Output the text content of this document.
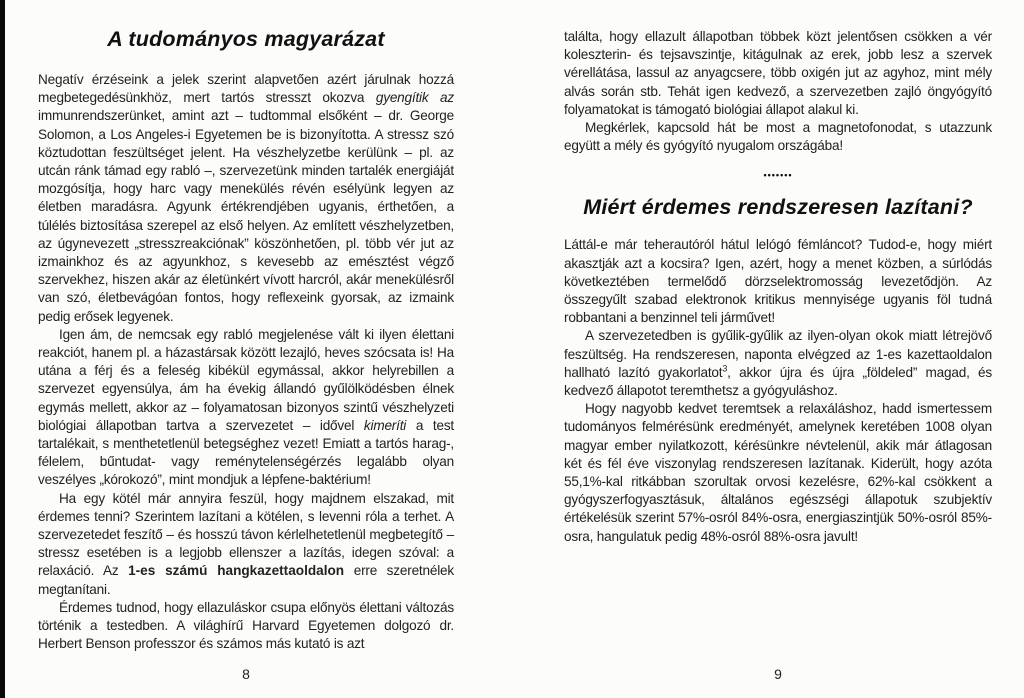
A tudományos magyarázat

Negatív érzéseink a jelek szerint alapvetően azért járulnak hozzá megbetegedésünkhöz, mert tartós stresszt okozva gyengítik az immunrendszerünket, amint azt – tudtommal elsőként – dr. George Solomon, a Los Angeles-i Egyetemen be is bizonyította. A stressz szó köztudottan feszültséget jelent. Ha vészhelyzetbe kerülünk – pl. az utcán ránk támad egy rabló –, szervezetünk minden tartalék energiáját mozgósítja, hogy harc vagy menekülés révén esélyünk legyen az életben maradásra. Agyunk értékrendjében ugyanis, érthetően, a túlélés biztosítása szerepel az első helyen. Az említett vészhelyzetben, az úgynevezett „stresszreakciónak” köszönhetően, pl. több vér jut az izmainkhoz és az agyunkhoz, s kevesebb az emésztést végző szervekhez, hiszen akár az életünkért vívott harcról, akár menekülésről van szó, életbevágóan fontos, hogy reflexeink gyorsak, az izmaink pedig erősek legyenek.

Igen ám, de nemcsak egy rabló megjelenése vált ki ilyen élettani reakciót, hanem pl. a házastársak között lezajló, heves szócsata is! Ha utána a férj és a feleség kibékül egymással, akkor helyrebillen a szervezet egyensúlya, ám ha évekig állandó gyűlölködésben élnek egymás mellett, akkor az – folyamatosan bizonyos szintű vészhelyzeti biológiai állapotban tartva a szervezetet – idővel kimeríti a test tartalékait, s menthetetlenül betegséghez vezet! Emiatt a tartós harag-, félelem, bűntudat- vagy reménytelenségérzés legalább olyan veszélyes „kórokozó”, mint mondjuk a lépfene-baktérium!

Ha egy kötél már annyira feszül, hogy majdnem elszakad, mit érdemes tenni? Szerintem lazítani a kötélen, s levenni róla a terhet. A szervezetedet feszítő – és hosszú távon kérlelhetetlenül megbetegítő – stressz esetében is a legjobb ellenszer a lazítás, idegen szóval: a relaxáció. Az 1-es számú hangkazettaoldalon erre szeretnélek megtanítani.

Érdemes tudnod, hogy ellazuláskor csupa előnyös élettani változás történik a testedben. A világhírű Harvard Egyetemen dolgozó dr. Herbert Benson professzor és számos más kutató is azt

8

találta, hogy ellazult állapotban többek közt jelentősen csökken a vér koleszterin- és tejsavszintje, kitágulnak az erek, jobb lesz a szervek vérellátása, lassul az anyagcsere, több oxigén jut az agyhoz, mint mély alvás során stb. Tehát igen kedvező, a szervezetben zajló öngyógyító folyamatokat is támogató biológiai állapot alakul ki.

Megkérlek, kapcsold hát be most a magnetofonodat, s utazzunk együtt a mély és gyógyító nyugalom országába!

•••••••
Miért érdemes rendszeresen lazítani?

Láttál-e már teherautóról hátul lelógó fémláncot? Tudod-e, hogy miért akasztják azt a kocsira? Igen, azért, hogy a menet közben, a súrlódás következtében termelődő dörzselektromosság levezetődjön. Az összegyűlt szabad elektronok kritikus mennyisége ugyanis föl tudná robbantani a benzinnel teli járművet!

A szervezetedben is gyűlik-gyűlik az ilyen-olyan okok miatt létrejövő feszültség. Ha rendszeresen, naponta elvégzed az 1-es kazettaoldalon hallható lazító gyakorlatot$^3$, akkor újra és újra „földeled” magad, és kedvező állapotot teremthetsz a gyógyuláshoz.

Hogy nagyobb kedvet teremtsek a relaxáláshoz, hadd ismertessem tudományos felmérésünk eredményét, amelynek keretében 1008 olyan magyar ember nyilatkozott, kérésünkre névtelenül, akik már átlagosan két és fél éve viszonylag rendszeresen lazítanak. Kiderült, hogy azóta 55,1%-kal ritkábban szorultak orvosi kezelésre, 62%-kal csökkent a gyógyszerfogyasztásuk, általános egészségi állapotuk szubjektív értékelésük szerint 57%-osról 84%-osra, energiaszintjük 50%-osról 85%-osra, hangulatuk pedig 48%-osról 88%-osra javult!

9
